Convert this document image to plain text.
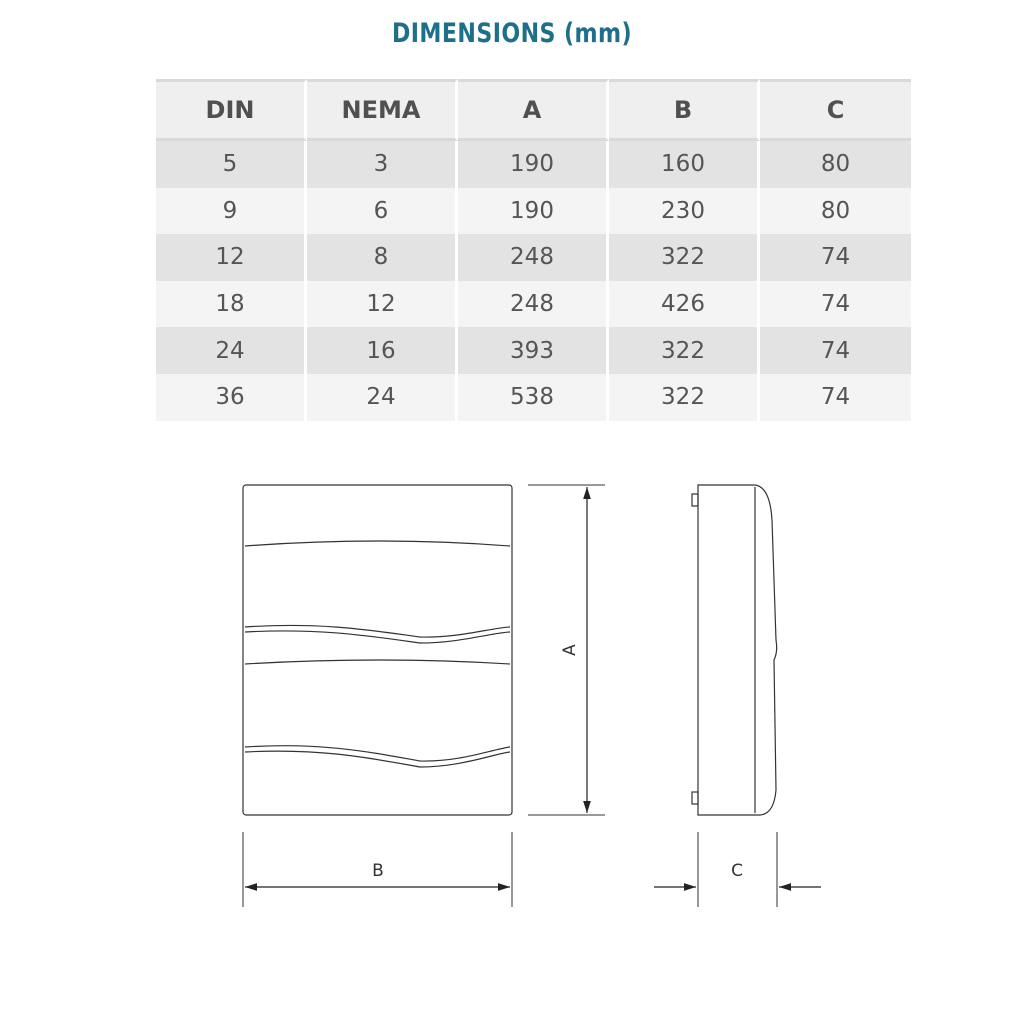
DIMENSIONS (mm)
DIN	NEMA	A	B	C
5	3	190	160	80
9	6	190	230	80
12	8	248	322	74
18	12	248	426	74
24	16	393	322	74
36	24	538	322	74
A
B	C
